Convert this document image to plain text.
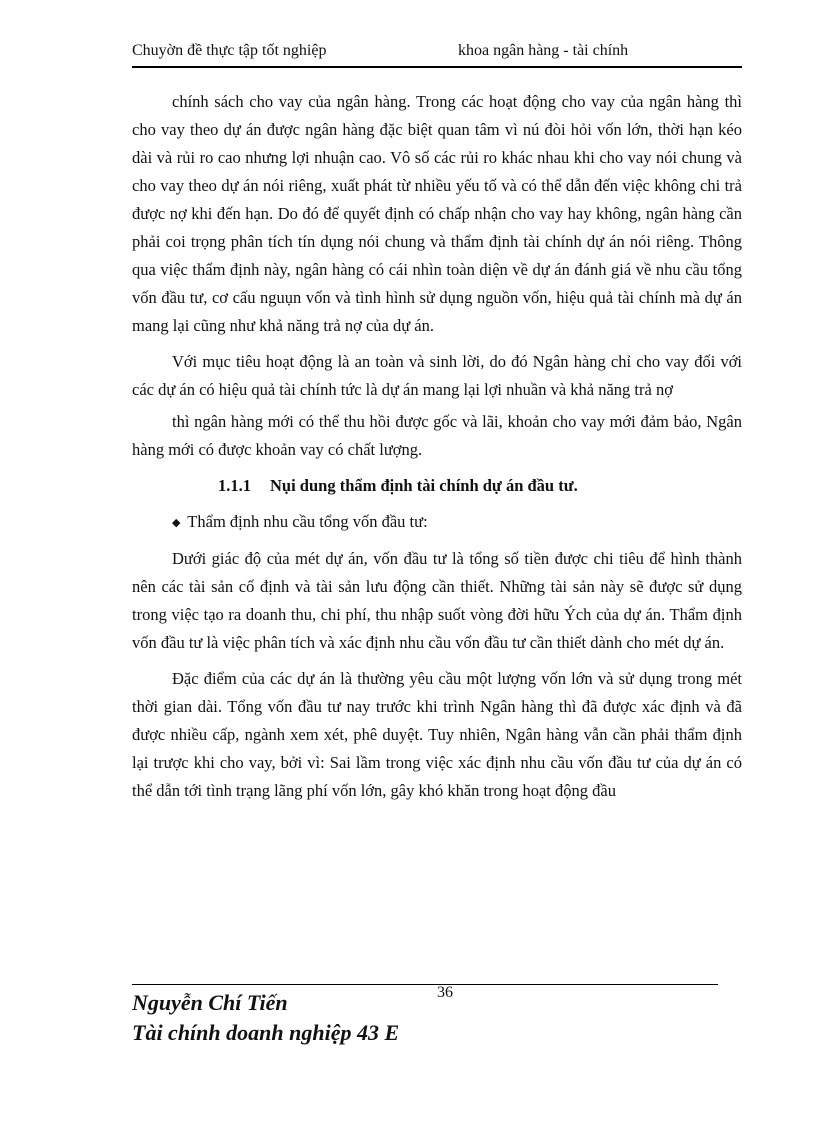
Chuyờn đề thực tập tốt nghiệp	khoa ngân hàng - tài chính

chính sách cho vay của ngân hàng. Trong các hoạt động cho vay của ngân hàng thì cho vay theo dự án được ngân hàng đặc biệt quan tâm vì nú đòi hỏi vốn lớn, thời hạn kéo dài và rủi ro cao nhưng lợi nhuận cao. Vô số các rủi ro khác nhau khi cho vay nói chung và cho vay theo dự án nói riêng, xuất phát từ nhiều yếu tố và có thể dẫn đến việc không chi trả được nợ khi đến hạn. Do đó để quyết định có chấp nhận cho vay hay không, ngân hàng cần phải coi trọng phân tích tín dụng nói chung và thẩm định tài chính dự án nói riêng. Thông qua việc thẩm định này, ngân hàng có cái nhìn toàn diện về dự án đánh giá về nhu cầu tổng vốn đầu tư, cơ cấu nguụn vốn và tình hình sử dụng nguồn vốn, hiệu quả tài chính mà dự án mang lại cũng như khả năng trả nợ của dự án.

Với mục tiêu hoạt động là an toàn và sinh lời, do đó Ngân hàng chỉ cho vay đối với các dự án có hiệu quả tài chính tức là dự án mang lại lợi nhuần và khả năng trả nợ

thì ngân hàng mới có thể thu hồi được gốc và lãi, khoản cho vay mới đảm bảo, Ngân hàng mới có được khoản vay có chất lượng.

1.1.1 Nụi dung thẩm định tài chính dự án đầu tư.
◆ Thẩm định nhu cầu tổng vốn đầu tư:

Dưới giác độ của mét dự án, vốn đầu tư là tổng số tiền được chi tiêu để hình thành nên các tài sản cố định và tài sản lưu động cần thiết. Những tài sản này sẽ được sử dụng trong việc tạo ra doanh thu, chi phí, thu nhập suốt vòng đời hữu Ých của dự án. Thẩm định vốn đầu tư là việc phân tích và xác định nhu cầu vốn đầu tư cần thiết dành cho mét dự án.

Đặc điểm của các dự án là thường yêu cầu một lượng vốn lớn và sử dụng trong mét thời gian dài. Tổng vốn đầu tư nay trước khi trình Ngân hàng thì đã được xác định và đã được nhiều cấp, ngành xem xét, phê duyệt. Tuy nhiên, Ngân hàng vẫn cần phải thẩm định lại trược khi cho vay, bởi vì: Sai lầm trong việc xác định nhu cầu vốn đầu tư của dự án có thể dẫn tới tình trạng lãng phí vốn lớn, gây khó khăn trong hoạt động đầu

36
Nguyễn Chí Tiến
Tài chính doanh nghiệp 43 E
